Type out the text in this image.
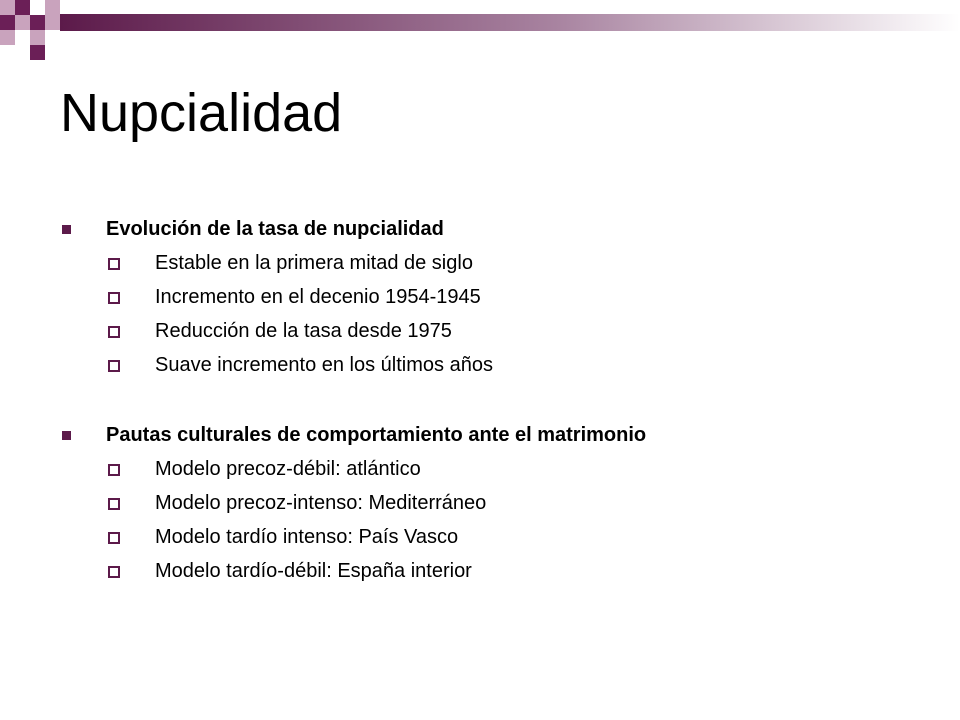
Nupcialidad
Evolución de la tasa de nupcialidad
Estable en la primera mitad de siglo
Incremento en el decenio 1954-1945
Reducción de la tasa desde 1975
Suave incremento en los últimos años
Pautas culturales de comportamiento ante el matrimonio
Modelo precoz-débil: atlántico
Modelo precoz-intenso: Mediterráneo
Modelo tardío intenso: País Vasco
Modelo tardío-débil: España interior
